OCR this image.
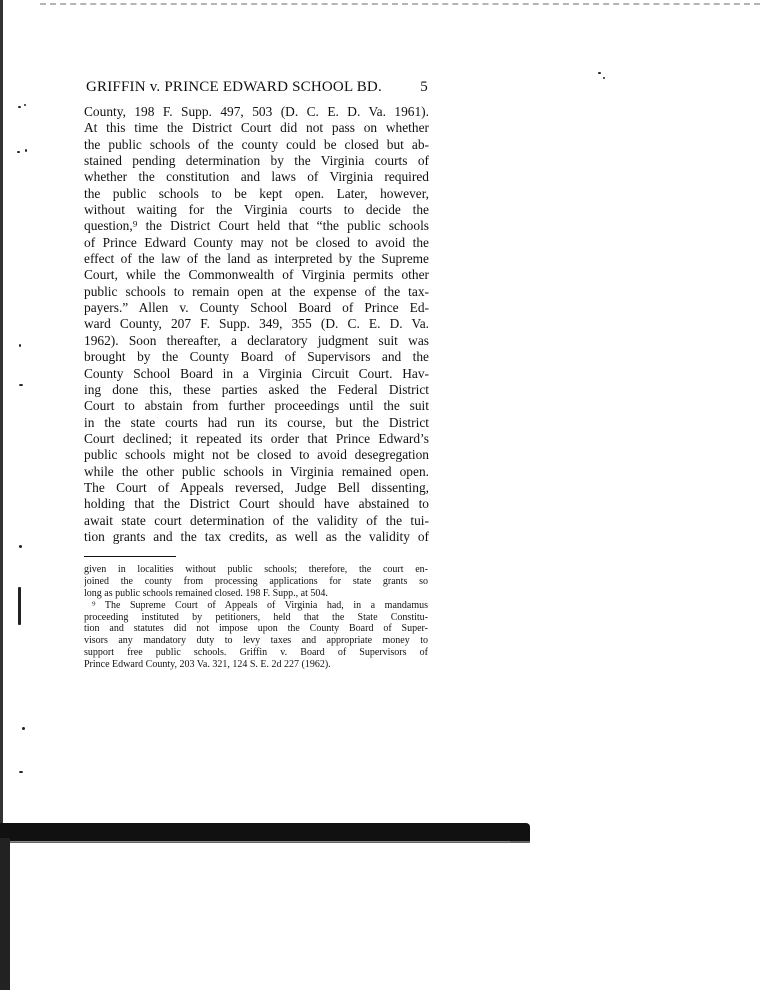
GRIFFIN v. PRINCE EDWARD SCHOOL BD.	5
County, 198 F. Supp. 497, 503 (D. C. E. D. Va. 1961).
At this time the District Court did not pass on whether
the public schools of the county could be closed but ab-
stained pending determination by the Virginia courts of
whether the constitution and laws of Virginia required
the public schools to be kept open. Later, however,
without waiting for the Virginia courts to decide the
question,⁹ the District Court held that “the public schools
of Prince Edward County may not be closed to avoid the
effect of the law of the land as interpreted by the Supreme
Court, while the Commonwealth of Virginia permits other
public schools to remain open at the expense of the tax-
payers.” Allen v. County School Board of Prince Ed-
ward County, 207 F. Supp. 349, 355 (D. C. E. D. Va.
1962). Soon thereafter, a declaratory judgment suit was
brought by the County Board of Supervisors and the
County School Board in a Virginia Circuit Court. Hav-
ing done this, these parties asked the Federal District
Court to abstain from further proceedings until the suit
in the state courts had run its course, but the District
Court declined; it repeated its order that Prince Edward’s
public schools might not be closed to avoid desegregation
while the other public schools in Virginia remained open.
The Court of Appeals reversed, Judge Bell dissenting,
holding that the District Court should have abstained to
await state court determination of the validity of the tui-
tion grants and the tax credits, as well as the validity of
given in localities without public schools; therefore, the court en-
joined the county from processing applications for state grants so
long as public schools remained closed. 198 F. Supp., at 504.
⁹ The Supreme Court of Appeals of Virginia had, in a mandamus
proceeding instituted by petitioners, held that the State Constitu-
tion and statutes did not impose upon the County Board of Super-
visors any mandatory duty to levy taxes and appropriate money to
support free public schools. Griffin v. Board of Supervisors of
Prince Edward County, 203 Va. 321, 124 S. E. 2d 227 (1962).
